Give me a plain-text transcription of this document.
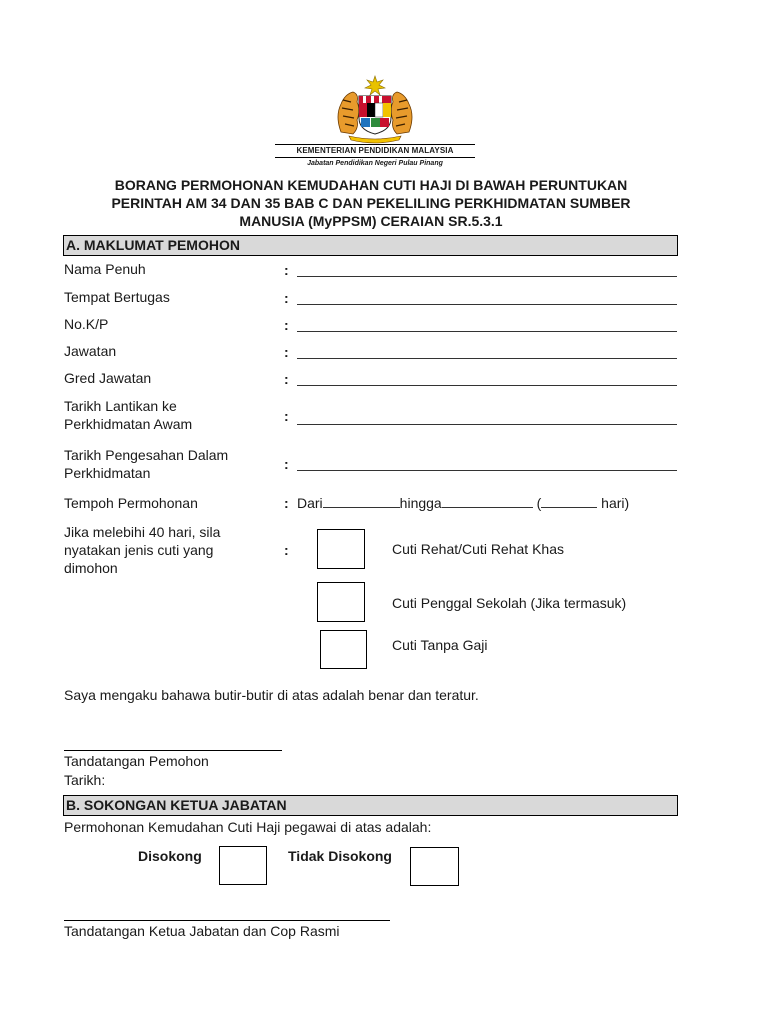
KEMENTERIAN PENDIDIKAN MALAYSIA
Jabatan Pendidikan Negeri Pulau Pinang
BORANG PERMOHONAN KEMUDAHAN CUTI HAJI DI BAWAH PERUNTUKAN
PERINTAH AM 34 DAN 35 BAB C DAN PEKELILING PERKHIDMATAN SUMBER
MANUSIA (MyPPSM) CERAIAN SR.5.3.1
A. MAKLUMAT PEMOHON
Nama Penuh	:
Tempat Bertugas	:
No.K/P	:
Jawatan	:
Gred Jawatan	:
Tarikh Lantikan ke
Perkhidmatan Awam	:
Tarikh Pengesahan Dalam
Perkhidmatan
:
Tempoh Permohonan	: Dari	hingga	(	hari)
Jika melebihi 40 hari, sila
nyatakan jenis cuti yang
dimohon
:	Cuti Rehat/Cuti Rehat Khas
Cuti Penggal Sekolah (Jika termasuk)
Cuti Tanpa Gaji
Saya mengaku bahawa butir-butir di atas adalah benar dan teratur.
Tandatangan Pemohon
Tarikh:
B. SOKONGAN KETUA JABATAN
Permohonan Kemudahan Cuti Haji pegawai di atas adalah:
Disokong	Tidak Disokong
Tandatangan Ketua Jabatan dan Cop Rasmi
